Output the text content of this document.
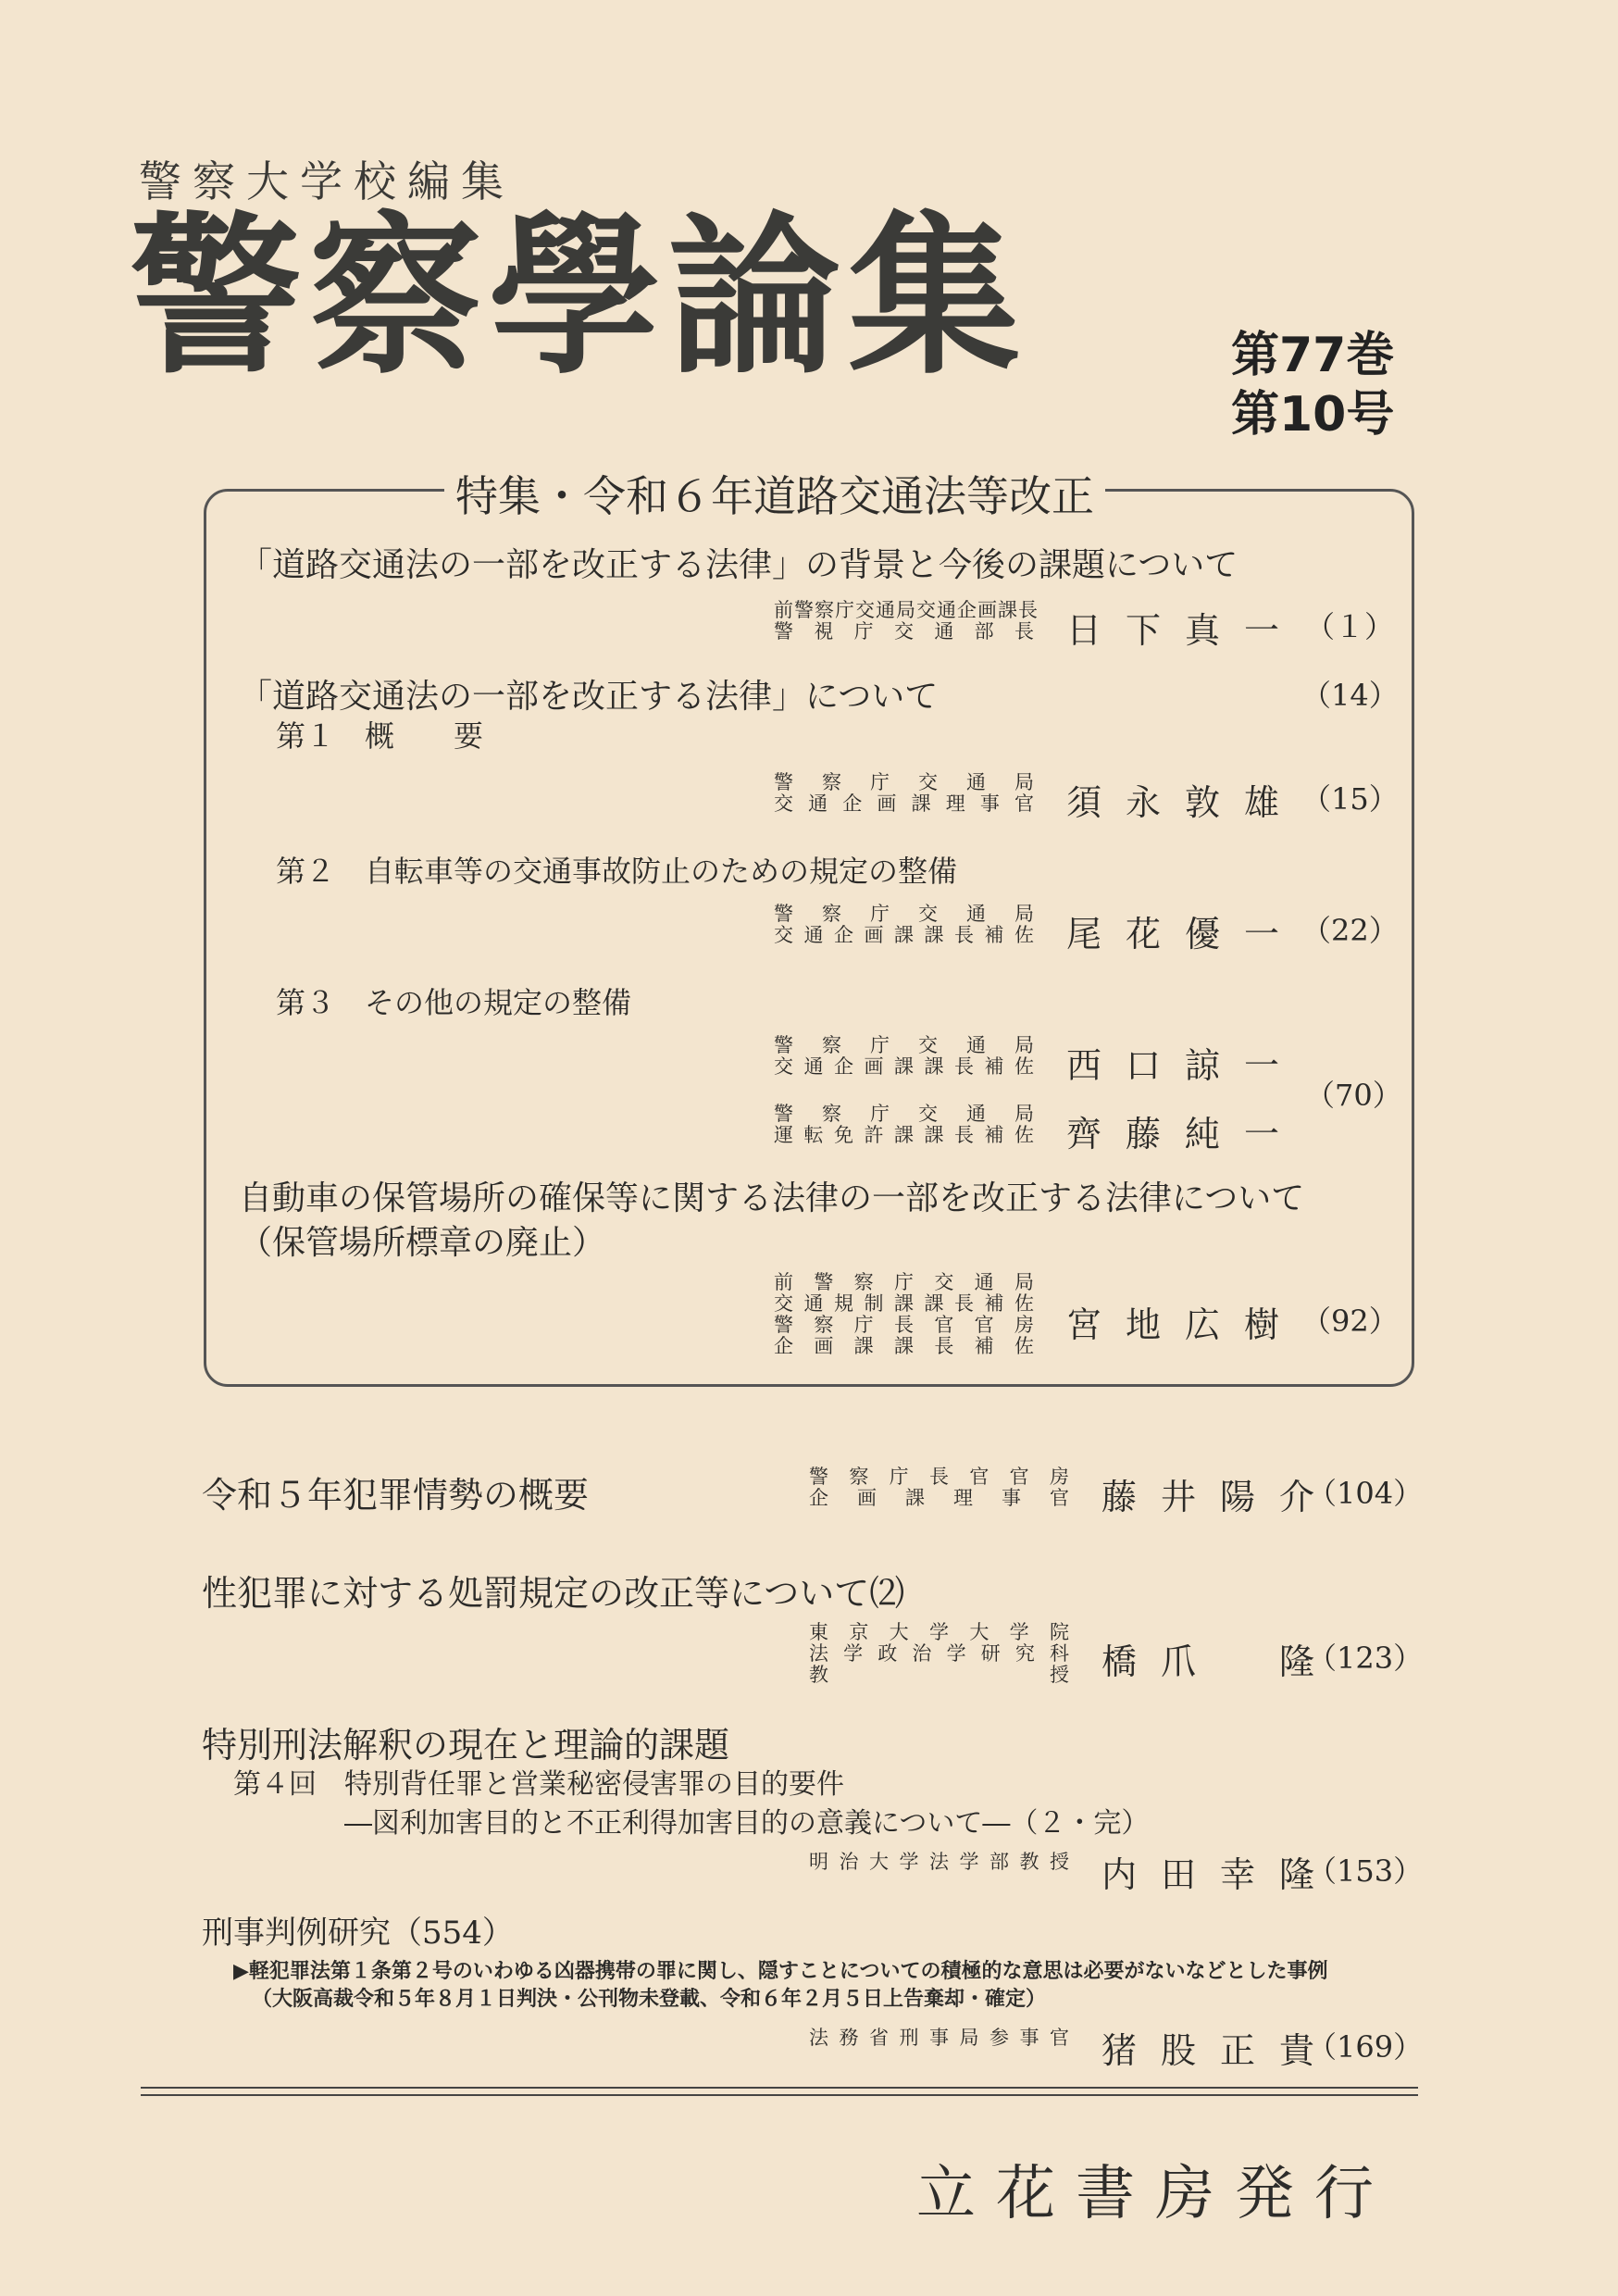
警察大学校編集
警察學論集	第77巻
第10号
特集・令和６年道路交通法等改正
「道路交通法の一部を改正する法律」の背景と今後の課題について
前警察庁交通局交通企画課長
警視庁交通部長 日下真一 （１）
「道路交通法の一部を改正する法律」について	（14）
第１　概　　要
警察庁交通局
交通企画課理事官 須永敦雄
（15）
第２　自転車等の交通事故防止のための規定の整備
警察庁交通局
交通企画課課長補佐 尾花優一
（22）
第３　その他の規定の整備
警察庁交通局
交通企画課課長補佐 西口諒一
警察庁交通局
運転免許課課長補佐 齊藤純一
（70）
自動車の保管場所の確保等に関する法律の一部を改正する法律について
（保管場所標章の廃止）
前警察庁交通局
交通規制課課長補佐
警察庁長官官房
企画課課長補佐
宮地広樹
（92）
令和５年犯罪情勢の概要	警察庁長官官房
企画課理事官 藤井陽介
（104）
性犯罪に対する処罰規定の改正等について⑵
東京大学大学院
法学政治学研究科
教授 橋爪　隆
（123）
特別刑法解釈の現在と理論的課題
第４回　特別背任罪と営業秘密侵害罪の目的要件
―図利加害目的と不正利得加害目的の意義について―（２・完）
明治大学法学部教授 内田幸隆
（153）
刑事判例研究（554）
▶軽犯罪法第１条第２号のいわゆる凶器携帯の罪に関し、隠すことについての積極的な意思は必要がないなどとした事例
（大阪高裁令和５年８月１日判決・公刊物未登載、令和６年２月５日上告棄却・確定）
法務省刑事局参事官 猪股正貴
（169）
立花書房発行
